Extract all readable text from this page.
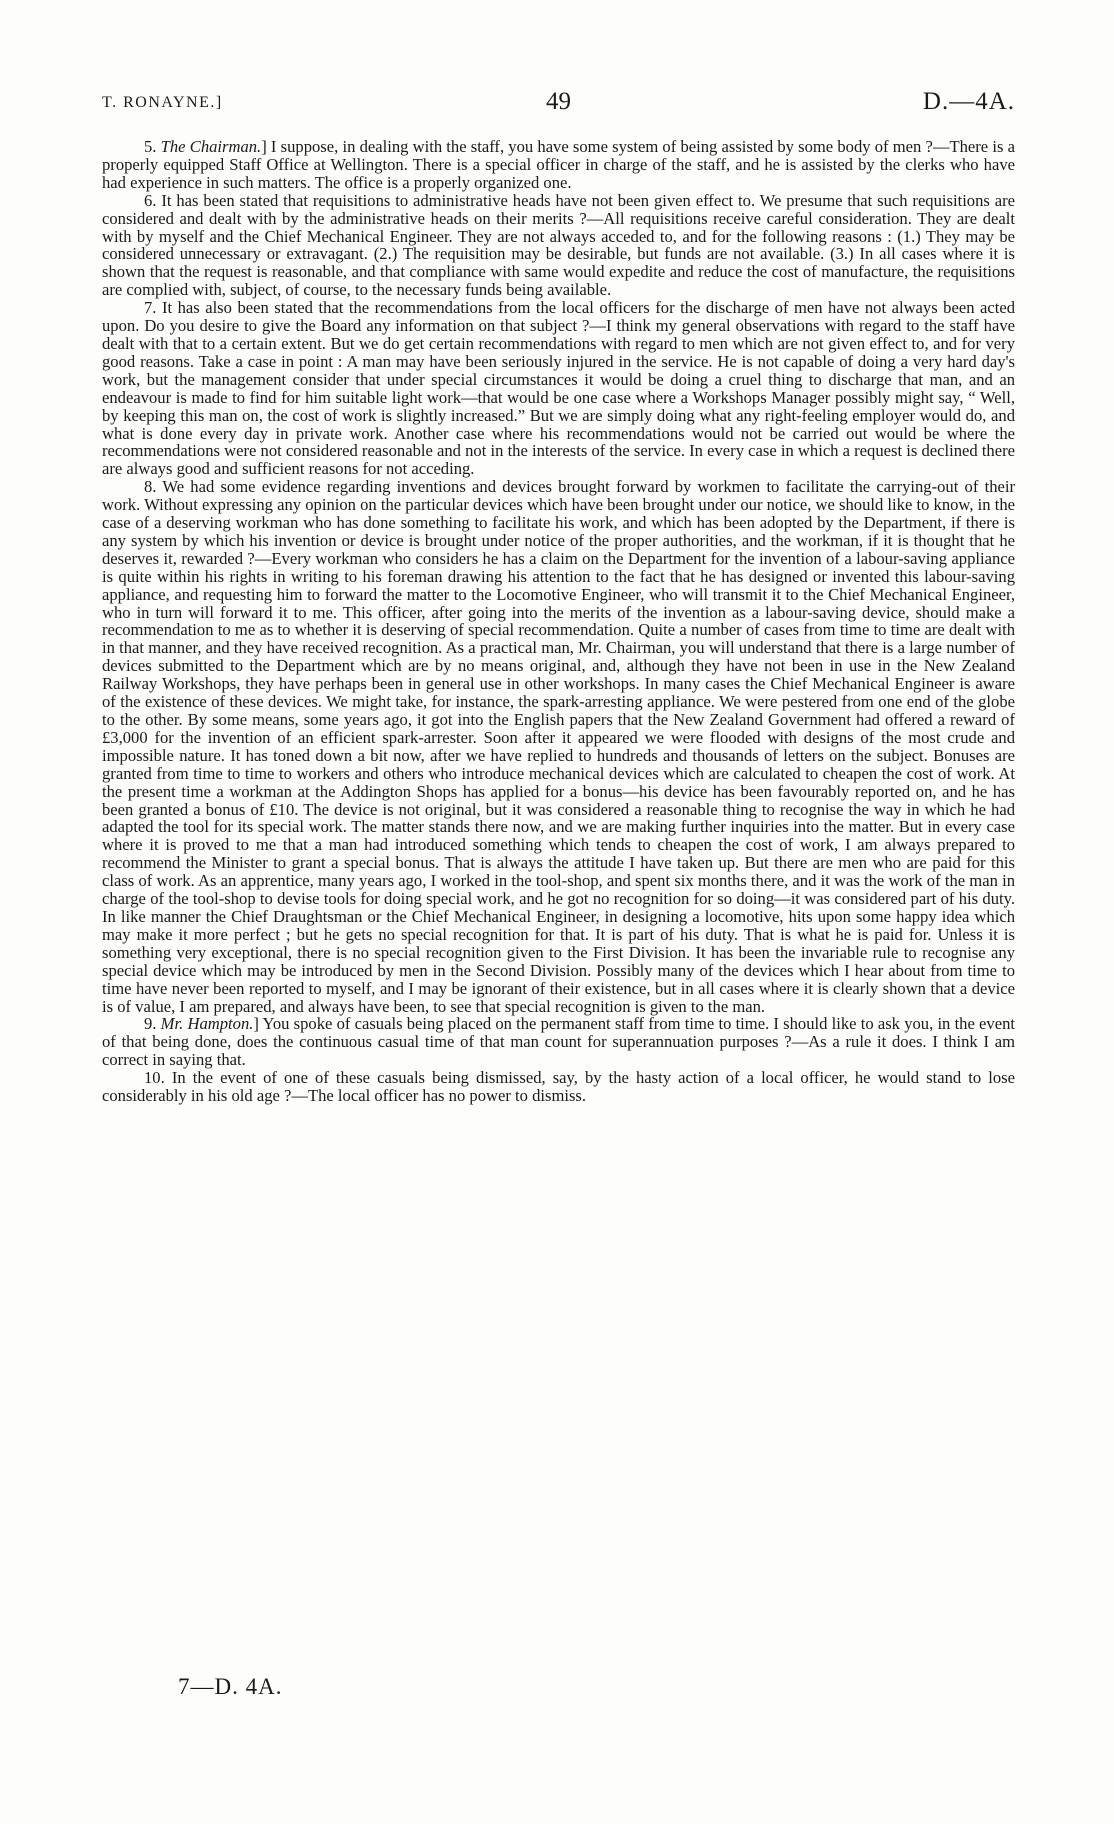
T. RONAYNE.]	49	D.—4A.

5. The Chairman.] I suppose, in dealing with the staff, you have some system of being assisted by some body of men ?—There is a properly equipped Staff Office at Wellington. There is a special officer in charge of the staff, and he is assisted by the clerks who have had experience in such matters. The office is a properly organized one.

6. It has been stated that requisitions to administrative heads have not been given effect to. We presume that such requisitions are considered and dealt with by the administrative heads on their merits ?—All requisitions receive careful consideration. They are dealt with by myself and the Chief Mechanical Engineer. They are not always acceded to, and for the following reasons : (1.) They may be considered unnecessary or extravagant. (2.) The requisition may be desirable, but funds are not available. (3.) In all cases where it is shown that the request is reasonable, and that compliance with same would expedite and reduce the cost of manufacture, the requisitions are complied with, subject, of course, to the necessary funds being available.

7. It has also been stated that the recommendations from the local officers for the discharge of men have not always been acted upon. Do you desire to give the Board any information on that subject ?—I think my general observations with regard to the staff have dealt with that to a certain extent. But we do get certain recommendations with regard to men which are not given effect to, and for very good reasons. Take a case in point : A man may have been seriously injured in the service. He is not capable of doing a very hard day's work, but the management consider that under special circumstances it would be doing a cruel thing to discharge that man, and an endeavour is made to find for him suitable light work—that would be one case where a Workshops Manager possibly might say, “ Well, by keeping this man on, the cost of work is slightly increased.” But we are simply doing what any right-feeling employer would do, and what is done every day in private work. Another case where his recommendations would not be carried out would be where the recommendations were not considered reasonable and not in the interests of the service. In every case in which a request is declined there are always good and sufficient reasons for not acceding.

8. We had some evidence regarding inventions and devices brought forward by workmen to facilitate the carrying-out of their work. Without expressing any opinion on the particular devices which have been brought under our notice, we should like to know, in the case of a deserving workman who has done something to facilitate his work, and which has been adopted by the Department, if there is any system by which his invention or device is brought under notice of the proper authorities, and the workman, if it is thought that he deserves it, rewarded ?—Every workman who considers he has a claim on the Department for the invention of a labour-saving appliance is quite within his rights in writing to his foreman drawing his attention to the fact that he has designed or invented this labour-saving appliance, and requesting him to forward the matter to the Locomotive Engineer, who will transmit it to the Chief Mechanical Engineer, who in turn will forward it to me. This officer, after going into the merits of the invention as a labour-saving device, should make a recommendation to me as to whether it is deserving of special recommendation. Quite a number of cases from time to time are dealt with in that manner, and they have received recognition. As a practical man, Mr. Chairman, you will understand that there is a large number of devices submitted to the Department which are by no means original, and, although they have not been in use in the New Zealand Railway Workshops, they have perhaps been in general use in other workshops. In many cases the Chief Mechanical Engineer is aware of the existence of these devices. We might take, for instance, the spark-arresting appliance. We were pestered from one end of the globe to the other. By some means, some years ago, it got into the English papers that the New Zealand Government had offered a reward of £3,000 for the invention of an efficient spark-arrester. Soon after it appeared we were flooded with designs of the most crude and impossible nature. It has toned down a bit now, after we have replied to hundreds and thousands of letters on the subject. Bonuses are granted from time to time to workers and others who introduce mechanical devices which are calculated to cheapen the cost of work. At the present time a workman at the Addington Shops has applied for a bonus—his device has been favourably reported on, and he has been granted a bonus of £10. The device is not original, but it was considered a reasonable thing to recognise the way in which he had adapted the tool for its special work. The matter stands there now, and we are making further inquiries into the matter. But in every case where it is proved to me that a man had introduced something which tends to cheapen the cost of work, I am always prepared to recommend the Minister to grant a special bonus. That is always the attitude I have taken up. But there are men who are paid for this class of work. As an apprentice, many years ago, I worked in the tool-shop, and spent six months there, and it was the work of the man in charge of the tool-shop to devise tools for doing special work, and he got no recognition for so doing—it was considered part of his duty. In like manner the Chief Draughtsman or the Chief Mechanical Engineer, in designing a locomotive, hits upon some happy idea which may make it more perfect ; but he gets no special recognition for that. It is part of his duty. That is what he is paid for. Unless it is something very exceptional, there is no special recognition given to the First Division. It has been the invariable rule to recognise any special device which may be introduced by men in the Second Division. Possibly many of the devices which I hear about from time to time have never been reported to myself, and I may be ignorant of their existence, but in all cases where it is clearly shown that a device is of value, I am prepared, and always have been, to see that special recognition is given to the man.

9. Mr. Hampton.] You spoke of casuals being placed on the permanent staff from time to time. I should like to ask you, in the event of that being done, does the continuous casual time of that man count for superannuation purposes ?—As a rule it does. I think I am correct in saying that.

10. In the event of one of these casuals being dismissed, say, by the hasty action of a local officer, he would stand to lose considerably in his old age ?—The local officer has no power to dismiss.

7—D. 4A.
